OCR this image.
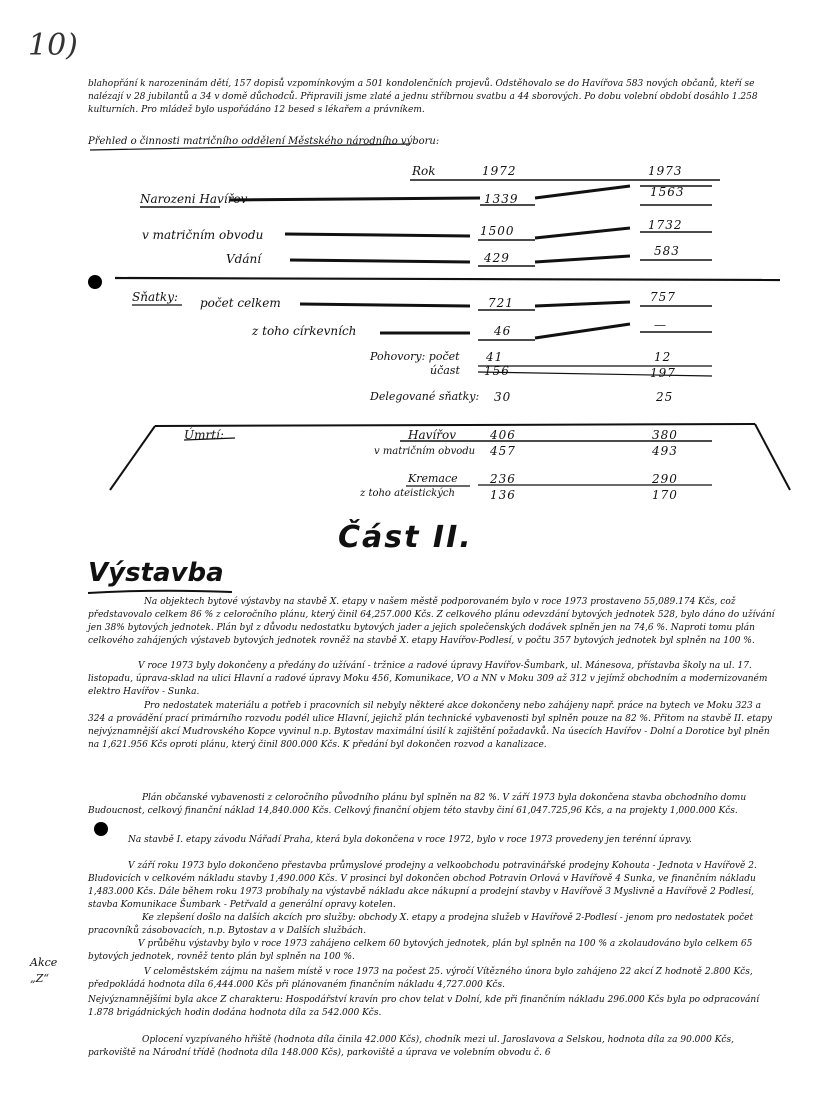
10)
blahopřání k narozeninám dětí, 157 dopisů vzpomínkovým a 501 kondolenčních projevů. Odstěhovalo se do Havířova 583 nových občanů, kteří se nalézají v 28 jubilantů a 34 v domě důchodců. Připravili jsme zlaté a jednu stříbrnou svatbu a 44 sborových. Po dobu volební období dosáhlo 1.258 kulturních. Pro mládež bylo uspořádáno 12 besed s lékařem a právníkem.
Přehled o činnosti matričního oddělení Městského národního výboru:
Rok	1972	1973
Narozeni Havířov	1339	1563
v matričním obvodu	1500	1732
Vdání	429	583
Sňatky: počet celkem	721	757
z toho církevních	46	—
Pohovory: počet 41	12
účast 156	197
Delegované sňatky: 30	25
Úmrtí:	Havířov	406	380
v matričním obvodu 457	493
Kremace	236	290
z toho ateistických	136	170
Část II.
Výstavba
Na objektech bytové výstavby na stavbě X. etapy v našem městě podporovaném bylo v roce 1973 prostaveno 55,089.174 Kčs, což představovalo celkem 86 % z celoročního plánu, který činil 64,257.000 Kčs. Z celkového plánu odevzdání bytových jednotek 528, bylo dáno do užívání jen 38% bytových jednotek. Plán byl z důvodu nedostatku bytových jader a jejich společenských dodávek splněn jen na 74,6 %. Naproti tomu plán celkového zahájených výstaveb bytových jednotek rovněž na stavbě X. etapy Havířov-Podlesí, v počtu 357 bytových jednotek byl splněn na 100 %.
V roce 1973 byly dokončeny a předány do užívání - tržnice a radové úpravy Havířov-Šumbark, ul. Mánesova, přístavba školy na ul. 17. listopadu, úprava-sklad na ulici Hlavní a radové úpravy Moku 456, Komunikace, VO a NN v Moku 309 až 312 v jejímž obchodním a modernizovaném elektro Havířov - Sunka.
Pro nedostatek materiálu a potřeb i pracovních sil nebyly některé akce dokončeny nebo zahájeny např. práce na bytech ve Moku 323 a 324 a provádění prací primárního rozvodu podél ulice Hlavní, jejichž plán technické vybavenosti byl splněn pouze na 82 %. Přitom na stavbě II. etapy nejvýznamnější akcí Mudrovského Kopce vyvinul n.p. Bytostav maximální úsilí k zajištění požadavků. Na úsecích Havířov - Dolní a Dorotice byl plněn na 1,621.956 Kčs oproti plánu, který činil 800.000 Kčs. K předání byl dokončen rozvod a kanalizace.
Plán občanské vybavenosti z celoročního původního plánu byl splněn na 82 %. V září 1973 byla dokončena stavba obchodního domu Budoucnost, celkový finanční náklad 14,840.000 Kčs. Celkový finanční objem této stavby činí 61,047.725,96 Kčs, a na projekty 1,000.000 Kčs.
Na stavbě I. etapy závodu Nářadí Praha, která byla dokončena v roce 1972, bylo v roce 1973 provedeny jen terénní úpravy.
V září roku 1973 bylo dokončeno přestavba průmyslové prodejny a velkoobchodu potravinářské prodejny Kohouta - Jednota v Havířově 2. Bludovicích v celkovém nákladu stavby 1,490.000 Kčs. V prosinci byl dokončen obchod Potravin Orlová v Havířově 4 Sunka, ve finančním nákladu 1,483.000 Kčs. Dále během roku 1973 probíhaly na výstavbě nákladu akce nákupní a prodejní stavby v Havířově 3 Myslivně a Havířově 2 Podlesí, stavba Komunikace Šumbark - Petřvald a generální opravy kotelen.
Ke zlepšení došlo na dalších akcích pro služby: obchody X. etapy a prodejna služeb v Havířově 2-Podlesí - jenom pro nedostatek počet pracovníků zásobovacích, n.p. Bytostav a v Dalších službách.
V průběhu výstavby bylo v roce 1973 zahájeno celkem 60 bytových jednotek, plán byl splněn na 100 % a zkolaudováno bylo celkem 65 bytových jednotek, rovněž tento plán byl splněn na 100 %.
V celoměstském zájmu na našem místě v roce 1973 na počest 25. výročí Vítězného února bylo zahájeno 22 akcí Z hodnotě 2.800 Kčs, předpokládá hodnota díla 6,444.000 Kčs při plánovaném finančním nákladu 4,727.000 Kčs.
Nejvýznamnějšími byla akce Z charakteru: Hospodářství kravín pro chov telat v Dolní, kde při finančním nákladu 296.000 Kčs byla po odpracování 1.878 brigádnických hodin dodána hodnota díla za 542.000 Kčs.
Oplocení vyzpívaného hřiště (hodnota díla činila 42.000 Kčs), chodník mezi ul. Jaroslavova a Selskou, hodnota díla za 90.000 Kčs, parkoviště na Národní třídě (hodnota díla 148.000 Kčs), parkoviště a úprava ve volebním obvodu č. 6
Akce „Z“
